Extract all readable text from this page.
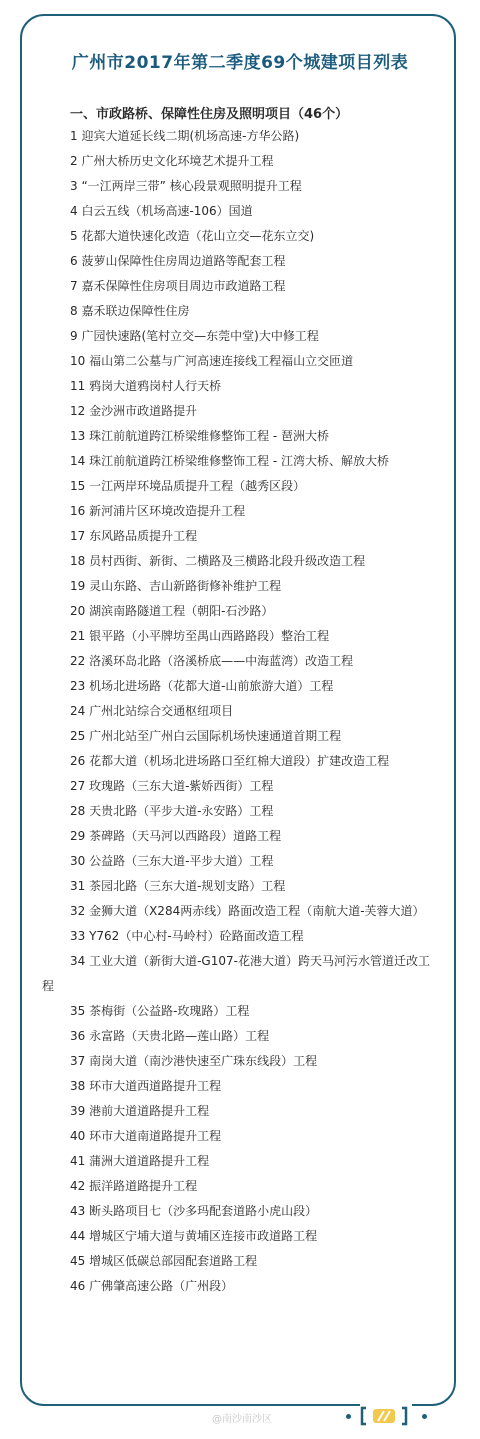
广州市2017年第二季度69个城建项目列表
一、市政路桥、保障性住房及照明项目（46个）
1 迎宾大道延长线二期(机场高速-方华公路)
2 广州大桥历史文化环境艺术提升工程
3 “一江两岸三带” 核心段景观照明提升工程
4 白云五线（机场高速-106）国道
5 花都大道快速化改造（花山立交—花东立交)
6 菠萝山保障性住房周边道路等配套工程
7 嘉禾保障性住房项目周边市政道路工程
8 嘉禾联边保障性住房
9 广园快速路(笔村立交—东莞中堂)大中修工程
10 福山第二公墓与广河高速连接线工程福山立交匝道
11 鸦岗大道鸦岗村人行天桥
12 金沙洲市政道路提升
13 珠江前航道跨江桥梁维修整饰工程 - 琶洲大桥
14 珠江前航道跨江桥梁维修整饰工程 - 江湾大桥、解放大桥
15 一江两岸环境品质提升工程（越秀区段）
16 新河浦片区环境改造提升工程
17 东风路品质提升工程
18 员村西街、新街、二横路及三横路北段升级改造工程
19 灵山东路、吉山新路街修补维护工程
20 湖滨南路隧道工程（朝阳-石沙路）
21 银平路（小平牌坊至禺山西路路段）整治工程
22 洛溪环岛北路（洛溪桥底——中海蓝湾）改造工程
23 机场北进场路（花都大道-山前旅游大道）工程
24 广州北站综合交通枢纽项目
25 广州北站至广州白云国际机场快速通道首期工程
26 花都大道（机场北进场路口至红棉大道段）扩建改造工程
27 玫瑰路（三东大道-紫娇西街）工程
28 天贵北路（平步大道-永安路）工程
29 茶碑路（天马河以西路段）道路工程
30 公益路（三东大道-平步大道）工程
31 茶园北路（三东大道-规划支路）工程
32 金狮大道（X284两赤线）路面改造工程（南航大道-芙蓉大道）
33 Y762（中心村-马岭村）砼路面改造工程
34 工业大道（新街大道-G107-花港大道）跨天马河污水管道迁改工程
35 茶梅街（公益路-玫瑰路）工程
36 永富路（天贵北路—莲山路）工程
37 南岗大道（南沙港快速至广珠东线段）工程
38 环市大道西道路提升工程
39 港前大道道路提升工程
40 环市大道南道路提升工程
41 蒲洲大道道路提升工程
42 振洋路道路提升工程
43 断头路项目七（沙多玛配套道路小虎山段）
44 增城区宁埔大道与黄埔区连接市政道路工程
45 增城区低碳总部园配套道路工程
46 广佛肇高速公路（广州段）
@南沙南沙区
